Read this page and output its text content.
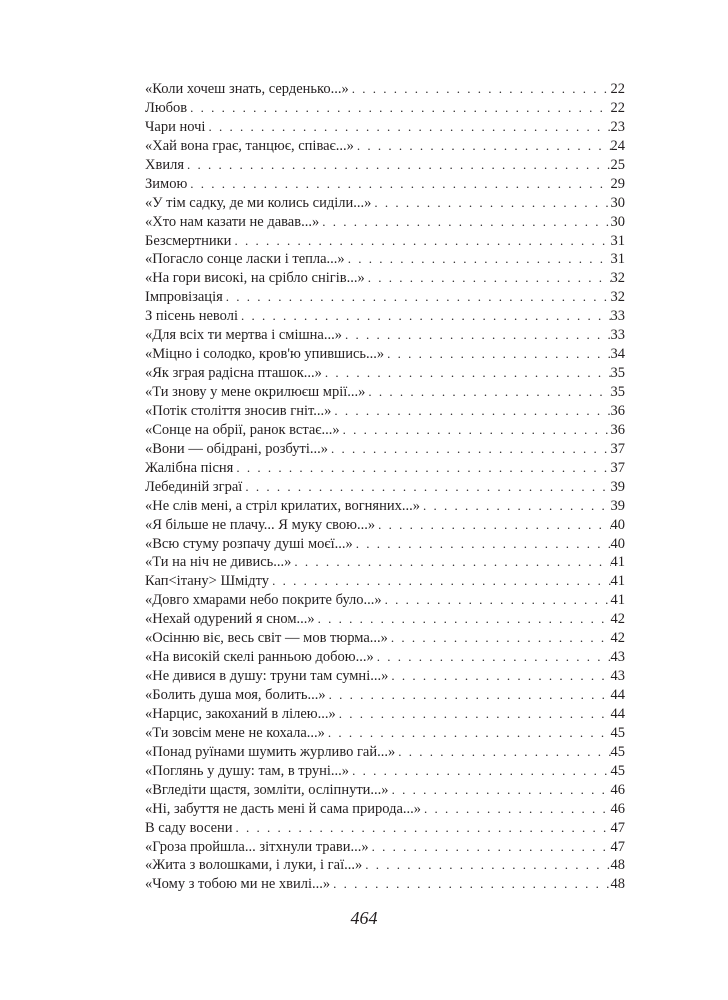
«Коли хочеш знать, серденько...» . . .	22
Любов . . .	22
Чари ночі . . .	23
«Хай вона грає, танцює, співає...» . . .	24
Хвиля . . .	25
Зимою . . .	29
«У тім садку, де ми колись сиділи...» . . .	30
«Хто нам казати не давав...» . . .	30
Безсмертники . . .	31
«Погасло сонце ласки і тепла...» . . .	31
«На гори високі, на срібло снігів...» . . .	32
Імпровізація . . .	32
З пісень неволі . . .	33
«Для всіх ти мертва і смішна...» . . .	33
«Міцно і солодко, кров'ю упившись...» . . .	34
«Як зграя радісна пташок...» . . .	35
«Ти знову у мене окрилюєш мрії...» . . .	35
«Потік століття зносив гніт...» . . .	36
«Сонце на обрії, ранок встає...» . . .	36
«Вони — обідрані, розбуті...» . . .	37
Жалібна пісня . . .	37
Лебединій зграї . . .	39
«Не слів мені, а стріл крилатих, вогняних...» . . .	39
«Я більше не плачу... Я муку свою...» . . .	40
«Всю стуму розпачу душі моєї...» . . .	40
«Ти на ніч не дивись...» . . .	41
Кап<ітану> Шмідту . . .	41
«Довго хмарами небо покрите було...» . . .	41
«Нехай одурений я сном...» . . .	42
«Осінню віє, весь світ — мов тюрма...» . . .	42
«На високій скелі ранньою добою...» . . .	43
«Не дивися в душу: труни там сумні...» . . .	43
«Болить душа моя, болить...» . . .	44
«Нарцис, закоханий в лілею...» . . .	44
«Ти зовсім мене не кохала...» . . .	45
«Понад руїнами шумить журливо гай...» . . .	45
«Поглянь у душу: там, в труні...» . . .	45
«Вгледіти щастя, зомліти, осліпнути...» . . .	46
«Ні, забуття не дасть мені й сама природа...» . . .	46
В саду восени . . .	47
«Гроза пройшла... зітхнули трави...» . . .	47
«Жита з волошками, і луки, і гаї...» . . .	48
«Чому з тобою ми не хвилі...» . . .	48
464
